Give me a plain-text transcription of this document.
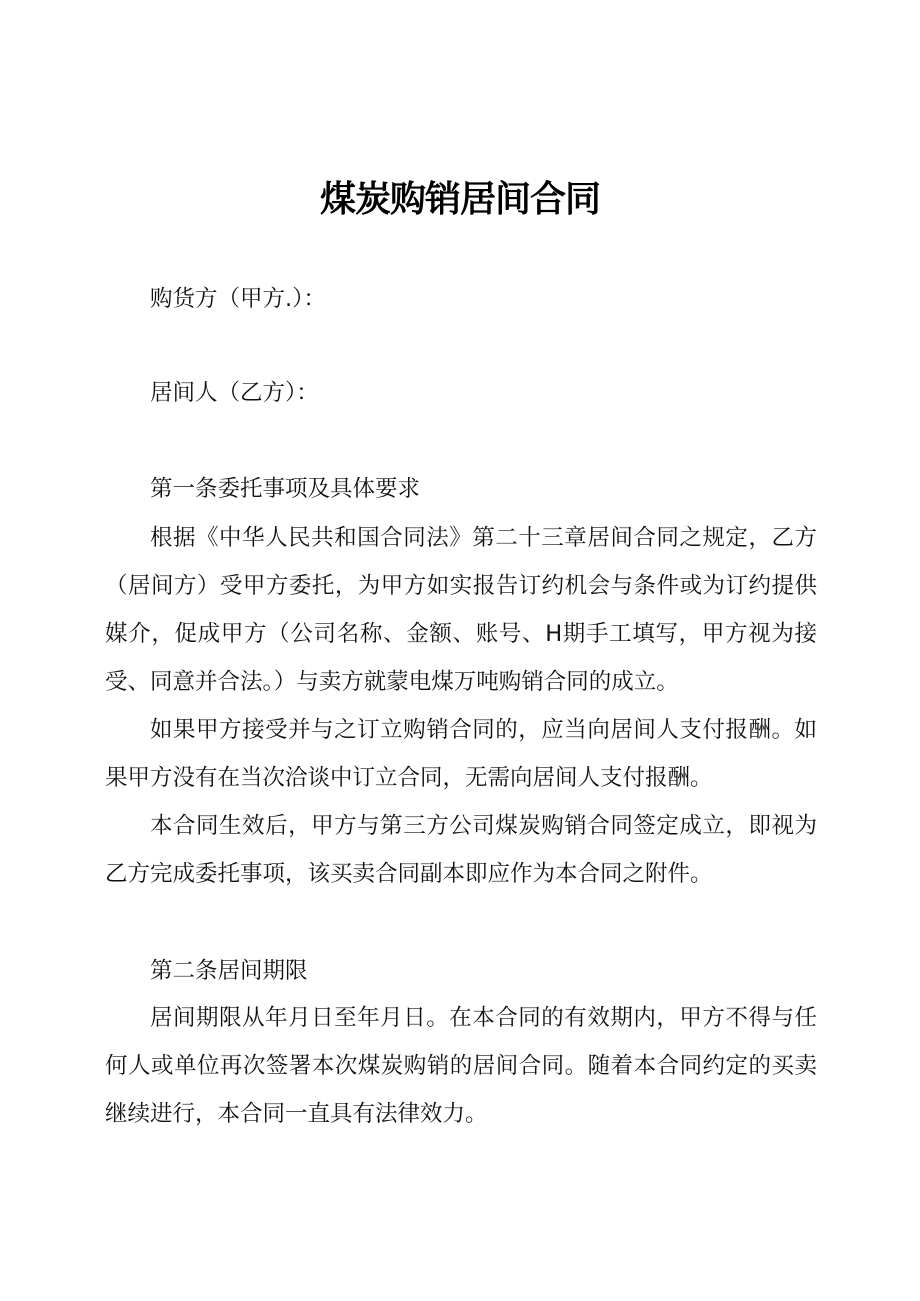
煤炭购销居间合同
购货方（甲方.）：
居间人（乙方）：
第一条委托事项及具体要求
根据《中华人民共和国合同法》第二十三章居间合同之规定，乙方（居间方）受甲方委托，为甲方如实报告订约机会与条件或为订约提供媒介，促成甲方（公司名称、金额、账号、H期手工填写，甲方视为接受、同意并合法。）与卖方就蒙电煤万吨购销合同的成立。
如果甲方接受并与之订立购销合同的，应当向居间人支付报酬。如果甲方没有在当次洽谈中订立合同，无需向居间人支付报酬。
本合同生效后，甲方与第三方公司煤炭购销合同签定成立，即视为乙方完成委托事项，该买卖合同副本即应作为本合同之附件。
第二条居间期限
居间期限从年月日至年月日。在本合同的有效期内，甲方不得与任何人或单位再次签署本次煤炭购销的居间合同。随着本合同约定的买卖继续进行，本合同一直具有法律效力。
